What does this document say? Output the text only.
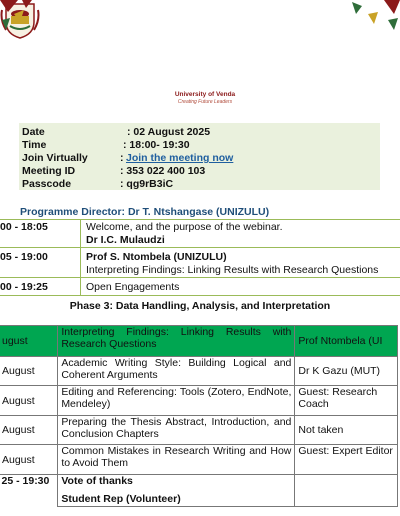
University of Venda
Creating Future Leaders
Date	: 02 August 2025
Time	: 18:00- 19:30
Join Virtually	: Join the meeting now
Meeting ID	: 353 022 400 103
Passcode	: qg9rB3iC
Programme Director: Dr T. Ntshangase (UNIZULU)
00 - 18:05	Welcome, and the purpose of the webinar.
Dr I.C. Mulaudzi
05 - 19:00	Prof S. Ntombela (UNIZULU)
Interpreting Findings: Linking Results with Research Questions
00 - 19:25	Open Engagements
Phase 3: Data Handling, Analysis, and Interpretation
ugust	Interpreting Findings: Linking Results with Research Questions	Prof Ntombela (UI
August	Academic Writing Style: Building Logical and Coherent Arguments	Dr K Gazu (MUT)
August	Editing and Referencing: Tools (Zotero, EndNote, Mendeley)	Guest: Research Coach
August	Preparing the Thesis Abstract, Introduction, and Conclusion Chapters	Not taken
August	Common Mistakes in Research Writing and How to Avoid Them	Guest: Expert Editor
25 - 19:30	Vote of thanks
Student Rep (Volunteer)	
